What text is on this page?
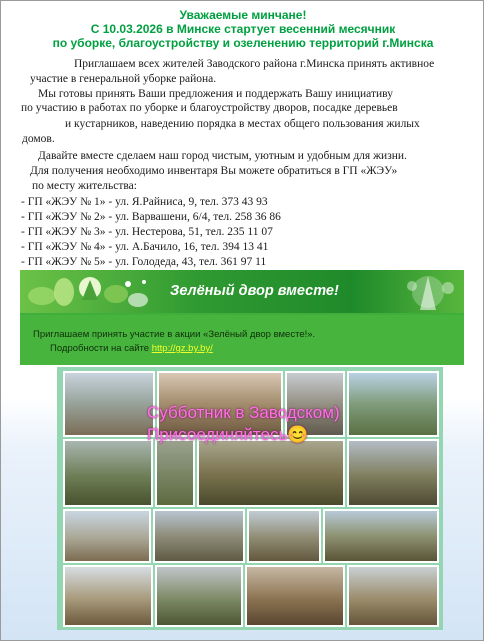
Уважаемые минчане!
С 10.03.2026 в Минске стартует весенний месячник
по уборке, благоустройству и озеленению территорий г.Минска
Приглашаем всех жителей Заводского района г.Минска принять активное
участие в генеральной уборке района.
Мы готовы принять Ваши предложения и поддержать Вашу инициативу
по участию в работах по уборке и благоустройству дворов, посадке деревьев
и кустарников, наведению порядка в местах общего пользования жилых
домов.
Давайте вместе сделаем наш город чистым, уютным и удобным для жизни.
Для получения необходимо инвентаря Вы можете обратиться в ГП «ЖЭУ»
по месту жительства:
- ГП «ЖЭУ № 1» - ул. Я.Райниса, 9, тел. 373 43 93
- ГП «ЖЭУ № 2» - ул. Варвашени, 6/4, тел. 258 36 86
- ГП «ЖЭУ № 3» - ул. Нестерова, 51, тел. 235 11 07
- ГП «ЖЭУ № 4» - ул. А.Бачило, 16, тел. 394 13 41
- ГП «ЖЭУ № 5» - ул. Голодеда, 43, тел. 361 97 11
Зелёный двор вместе!
Приглашаем принять участие в акции «Зелёный двор вместе!».
Подробности на сайте http://gz.by.by/
Субботник в Заводском)
Присоединяйтесь😊
